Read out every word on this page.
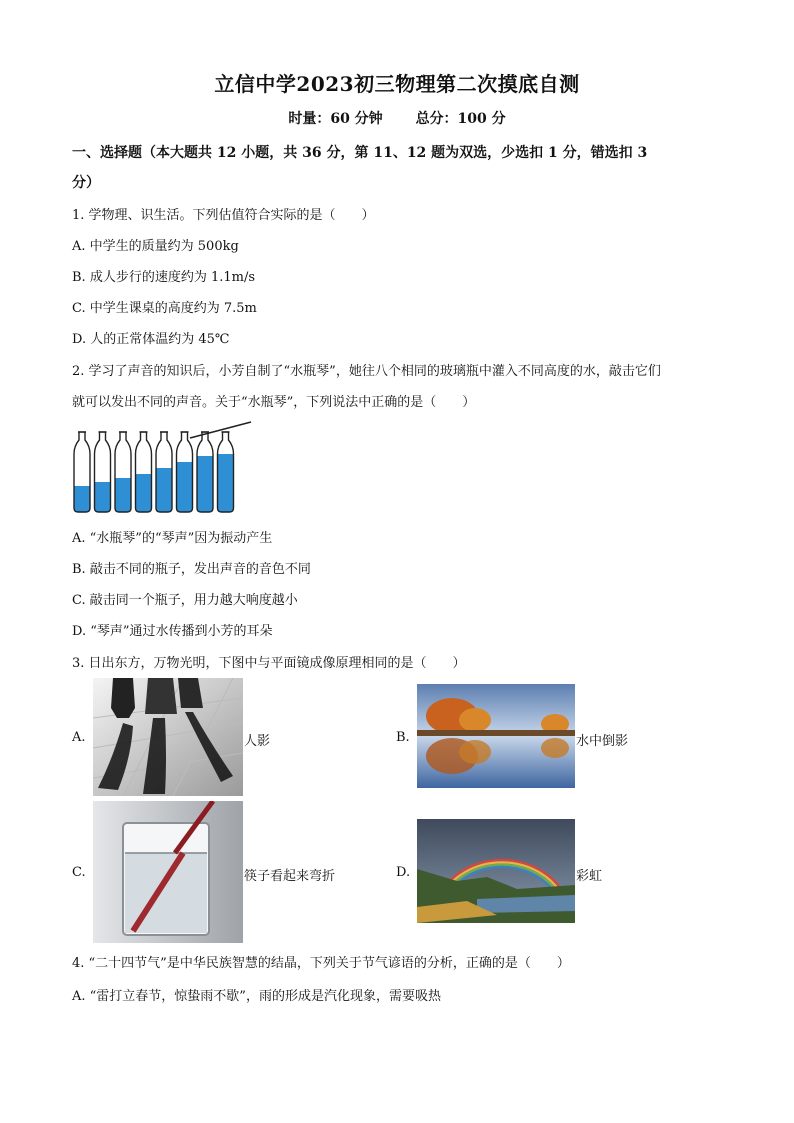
立信中学2023初三物理第二次摸底自测
时量：60 分钟 总分：100 分
一、选择题（本大题共 12 小题，共 36 分，第 11、12 题为双选，少选扣 1 分，错选扣 3
分）
1. 学物理、识生活。下列估值符合实际的是（　　）
A. 中学生的质量约为 500kg
B. 成人步行的速度约为 1.1m/s
C. 中学生课桌的高度约为 7.5m
D. 人的正常体温约为 45℃
2. 学习了声音的知识后，小芳自制了“水瓶琴”，她往八个相同的玻璃瓶中灌入不同高度的水，敲击它们
就可以发出不同的声音。关于“水瓶琴”，下列说法中正确的是（　　）
A. “水瓶琴”的“琴声”因为振动产生
B. 敲击不同的瓶子，发出声音的音色不同
C. 敲击同一个瓶子，用力越大响度越小
D. “琴声”通过水传播到小芳的耳朵
3. 日出东方，万物光明，下图中与平面镜成像原理相同的是（　　）
A.	人影	B.	水中倒影
C.	筷子看起来弯折	D.	彩虹
4. “二十四节气”是中华民族智慧的结晶，下列关于节气谚语的分析，正确的是（　　）
A. “雷打立春节，惊蛰雨不歇”，雨的形成是汽化现象，需要吸热
